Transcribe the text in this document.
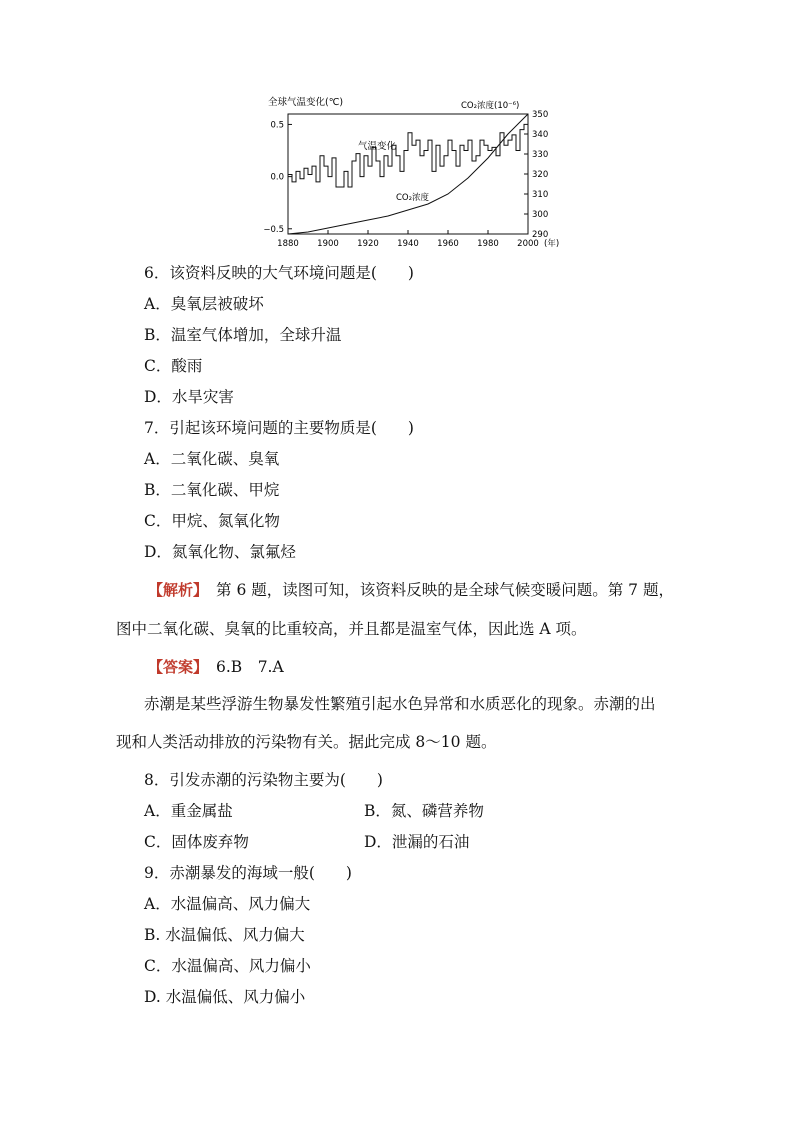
全球气温变化(℃)	CO₂浓度(10⁻⁶)
0.5
0.0
−0.5
350
340
330
320
310
300
290
1880 1900 1920 1940 1960 1980 2000 (年)
气温变化
CO₂浓度
6．该资料反映的大气环境问题是(　　)
A．臭氧层被破坏
B．温室气体增加，全球升温
C．酸雨
D．水旱灾害
7．引起该环境问题的主要物质是(　　)
A．二氧化碳、臭氧
B．二氧化碳、甲烷
C．甲烷、氮氧化物
D．氮氧化物、氯氟烃
【解析】　第 6 题，读图可知，该资料反映的是全球气候变暖问题。第 7 题，
图中二氧化碳、臭氧的比重较高，并且都是温室气体，因此选 A 项。
【答案】　6.B　7.A
赤潮是某些浮游生物暴发性繁殖引起水色异常和水质恶化的现象。赤潮的出
现和人类活动排放的污染物有关。据此完成 8～10 题。
8．引发赤潮的污染物主要为(　　)
A．重金属盐	B．氮、磷营养物
C．固体废弃物	D．泄漏的石油
9．赤潮暴发的海域一般(　　)
A．水温偏高、风力偏大
B. 水温偏低、风力偏大
C．水温偏高、风力偏小
D. 水温偏低、风力偏小
